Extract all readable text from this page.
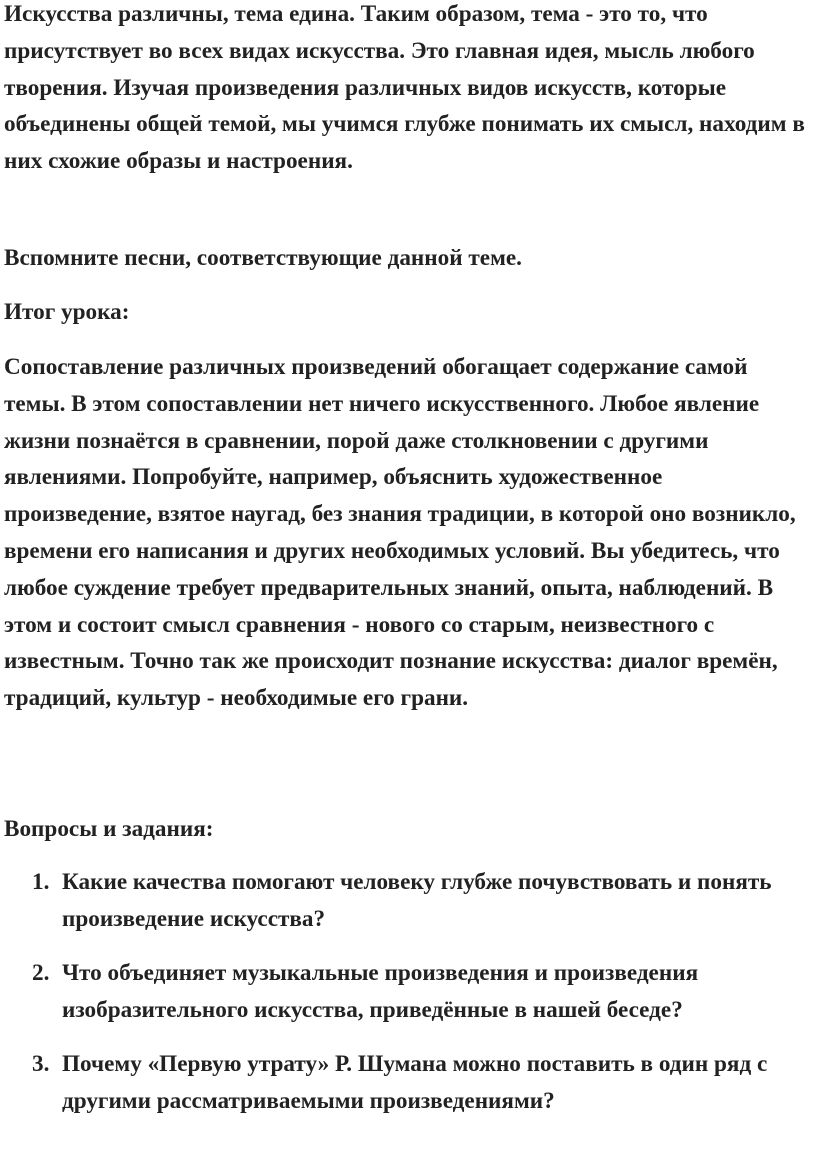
Искусства различны, тема едина. Таким образом, тема - это то, что присутствует во всех видах искусства. Это главная идея, мысль любого творения. Изучая произведения различных видов искусств, которые объединены общей темой, мы учимся глубже понимать их смысл, находим в них схожие образы и настроения.

Вспомните песни, соответствующие данной теме.

Итог урока:

Сопоставление различных произведений обогащает содержание самой темы. В этом сопоставлении нет ничего искусственного. Любое явление жизни познаётся в сравнении, порой даже столкновении с другими явлениями. Попробуйте, например, объяснить художественное произведение, взятое наугад, без знания традиции, в которой оно возникло, времени его написания и других необходимых условий. Вы убедитесь, что любое суждение требует предварительных знаний, опыта, наблюдений. В этом и состоит смысл сравнения - нового со старым, неизвестного с известным. Точно так же происходит познание искусства: диалог времён, традиций, культур - необходимые его грани.

Вопросы и задания:

1. Какие качества помогают человеку глубже почувствовать и понять произведение искусства?
2. Что объединяет музыкальные произведения и произведения изобразительного искусства, приведённые в нашей беседе?
3. Почему «Первую утрату» Р. Шумана можно поставить в один ряд с другими рассматриваемыми произведениями?
